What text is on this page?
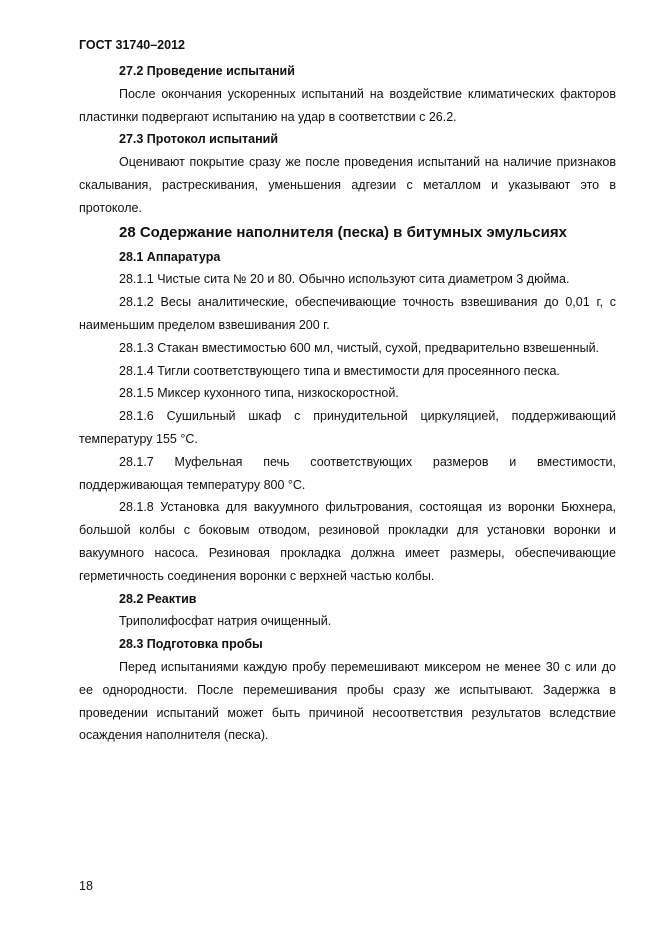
ГОСТ 31740–2012
27.2 Проведение испытаний

После окончания ускоренных испытаний на воздействие климатических факторов пластинки подвергают испытанию на удар в соответствии с 26.2.

27.3 Протокол испытаний

Оценивают покрытие сразу же после проведения испытаний на наличие признаков скалывания, растрескивания, уменьшения адгезии с металлом и указывают это в протоколе.

28 Содержание наполнителя (песка) в битумных эмульсиях
28.1 Аппаратура

28.1.1 Чистые сита № 20 и 80. Обычно используют сита диаметром 3 дюйма.

28.1.2 Весы аналитические, обеспечивающие точность взвешивания до 0,01 г, с наименьшим пределом взвешивания 200 г.

28.1.3 Стакан вместимостью 600 мл, чистый, сухой, предварительно взвешенный.

28.1.4 Тигли соответствующего типа и вместимости для просеянного песка.

28.1.5 Миксер кухонного типа, низкоскоростной.

28.1.6 Сушильный шкаф с принудительной циркуляцией, поддерживающий температуру 155 °С.

28.1.7 Муфельная печь соответствующих размеров и вместимости, поддерживающая температуру 800 °С.

28.1.8 Установка для вакуумного фильтрования, состоящая из воронки Бюхнера, большой колбы с боковым отводом, резиновой прокладки для установки воронки и вакуумного насоса. Резиновая прокладка должна имеет размеры, обеспечивающие герметичность соединения воронки с верхней частью колбы.

28.2 Реактив

Триполифосфат натрия очищенный.

28.3 Подготовка пробы

Перед испытаниями каждую пробу перемешивают миксером не менее 30 с или до ее однородности. После перемешивания пробы сразу же испытывают. Задержка в проведении испытаний может быть причиной несоответствия результатов вследствие осаждения наполнителя (песка).

18
